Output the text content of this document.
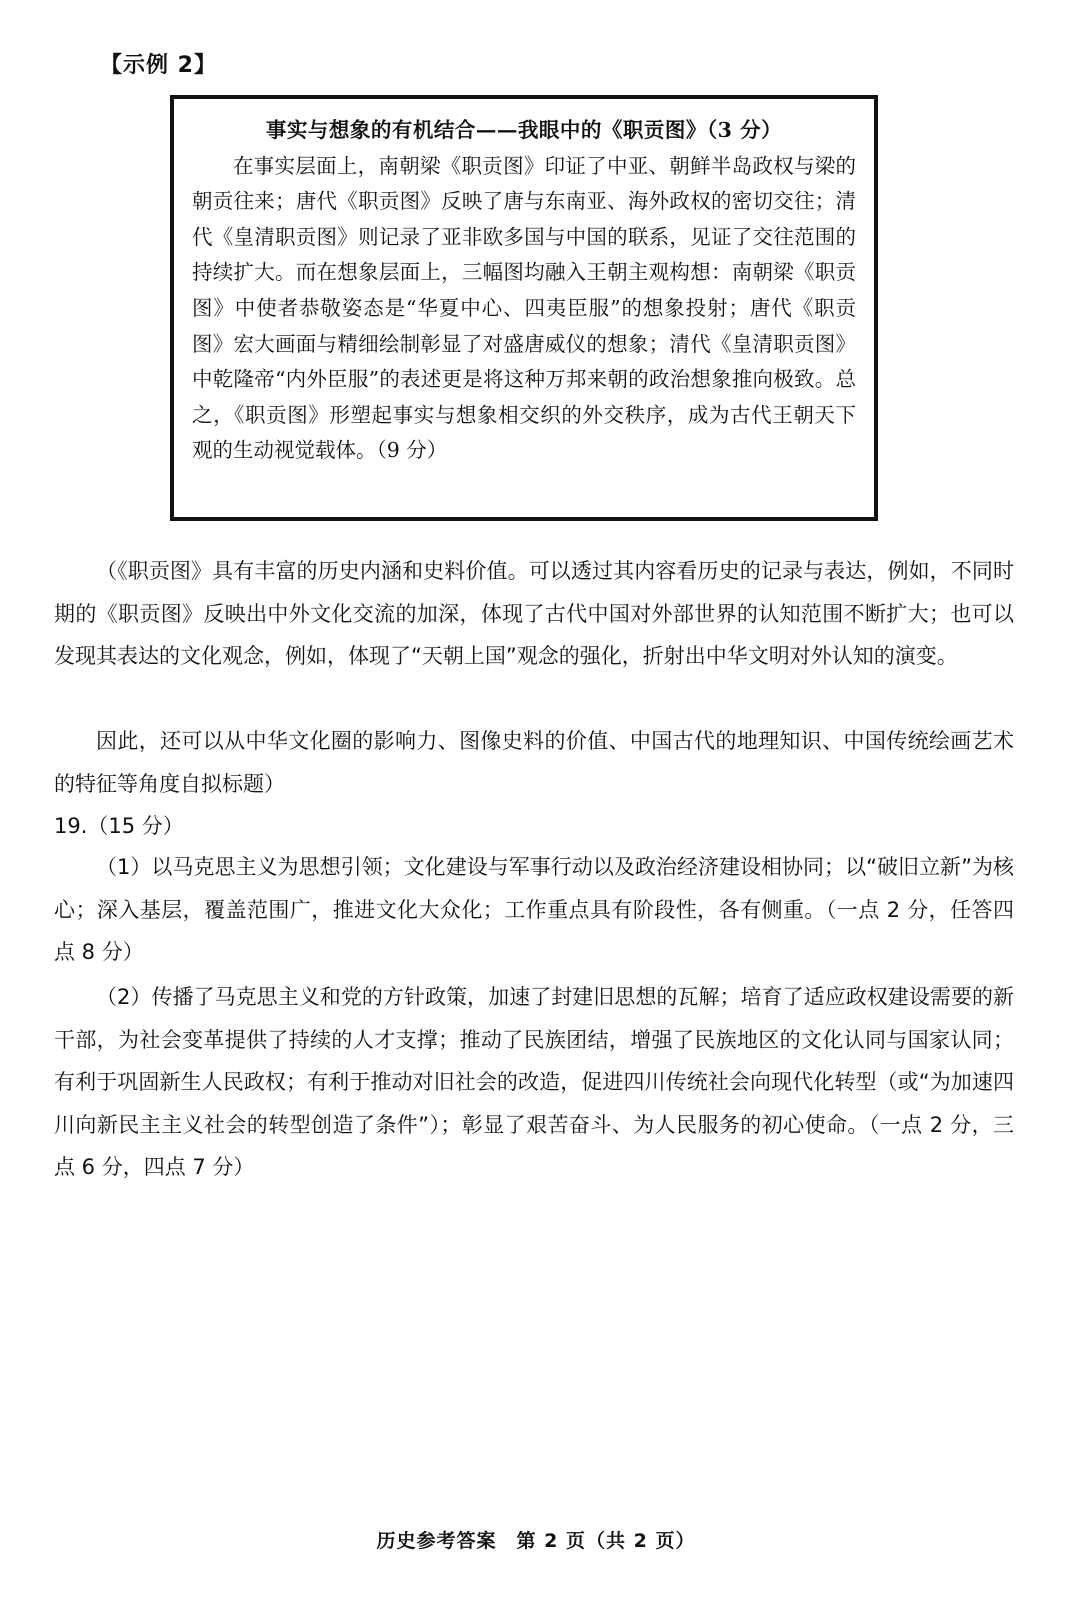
【示例 2】
事实与想象的有机结合——我眼中的《职贡图》（3 分）

在事实层面上，南朝梁《职贡图》印证了中亚、朝鲜半岛政权与梁的朝贡往来；唐代《职贡图》反映了唐与东南亚、海外政权的密切交往；清代《皇清职贡图》则记录了亚非欧多国与中国的联系，见证了交往范围的持续扩大。而在想象层面上，三幅图均融入王朝主观构想：南朝梁《职贡图》中使者恭敬姿态是“华夏中心、四夷臣服”的想象投射；唐代《职贡图》宏大画面与精细绘制彰显了对盛唐威仪的想象；清代《皇清职贡图》中乾隆帝“内外臣服”的表述更是将这种万邦来朝的政治想象推向极致。总之，《职贡图》形塑起事实与想象相交织的外交秩序，成为古代王朝天下观的生动视觉载体。（9 分）

（《职贡图》具有丰富的历史内涵和史料价值。可以透过其内容看历史的记录与表达，例如，不同时期的《职贡图》反映出中外文化交流的加深，体现了古代中国对外部世界的认知范围不断扩大；也可以发现其表达的文化观念，例如，体现了“天朝上国”观念的强化，折射出中华文明对外认知的演变。

因此，还可以从中华文化圈的影响力、图像史料的价值、中国古代的地理知识、中国传统绘画艺术的特征等角度自拟标题）

19.（15 分）

（1）以马克思主义为思想引领；文化建设与军事行动以及政治经济建设相协同；以“破旧立新”为核心；深入基层，覆盖范围广，推进文化大众化；工作重点具有阶段性，各有侧重。（一点 2 分，任答四点 8 分）

（2）传播了马克思主义和党的方针政策，加速了封建旧思想的瓦解；培育了适应政权建设需要的新干部，为社会变革提供了持续的人才支撑；推动了民族团结，增强了民族地区的文化认同与国家认同；有利于巩固新生人民政权；有利于推动对旧社会的改造，促进四川传统社会向现代化转型（或“为加速四川向新民主主义社会的转型创造了条件”）；彰显了艰苦奋斗、为人民服务的初心使命。（一点 2 分，三点 6 分，四点 7 分）

历史参考答案　第 2 页（共 2 页）
